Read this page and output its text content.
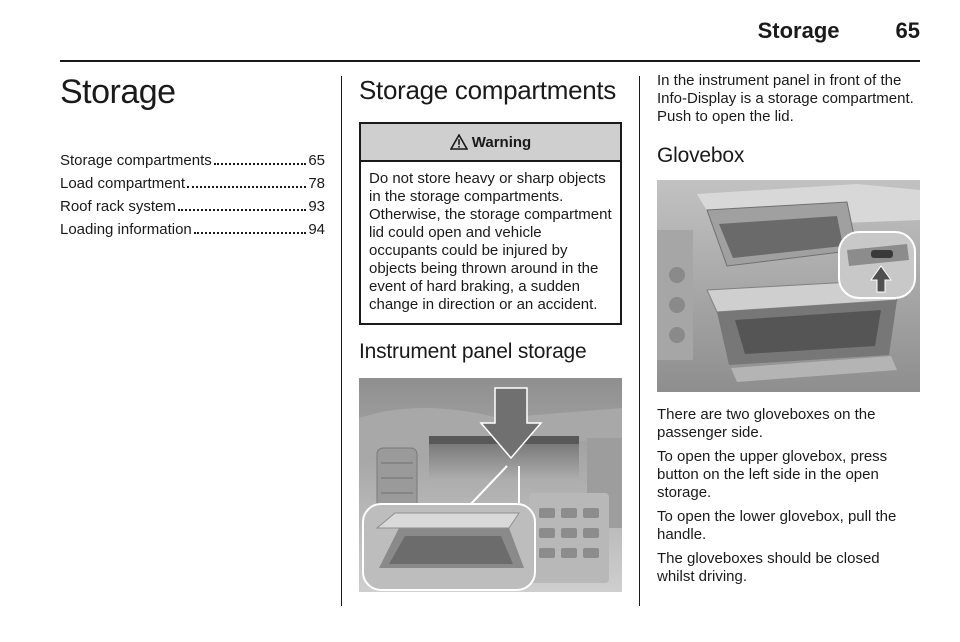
Storage	65
Storage
Storage compartments	65
Load compartment	78
Roof rack system	93
Loading information	94
Storage compartments
Warning
Do not store heavy or sharp objects in the storage compartments. Otherwise, the storage compartment lid could open and vehicle occupants could be injured by objects being thrown around in the event of hard braking, a sudden change in direction or an accident.
Instrument panel storage

In the instrument panel in front of the Info-Display is a storage compartment. Push to open the lid.

Glovebox

There are two gloveboxes on the passenger side.

To open the upper glovebox, press button on the left side in the open storage.

To open the lower glovebox, pull the handle.

The gloveboxes should be closed whilst driving.
